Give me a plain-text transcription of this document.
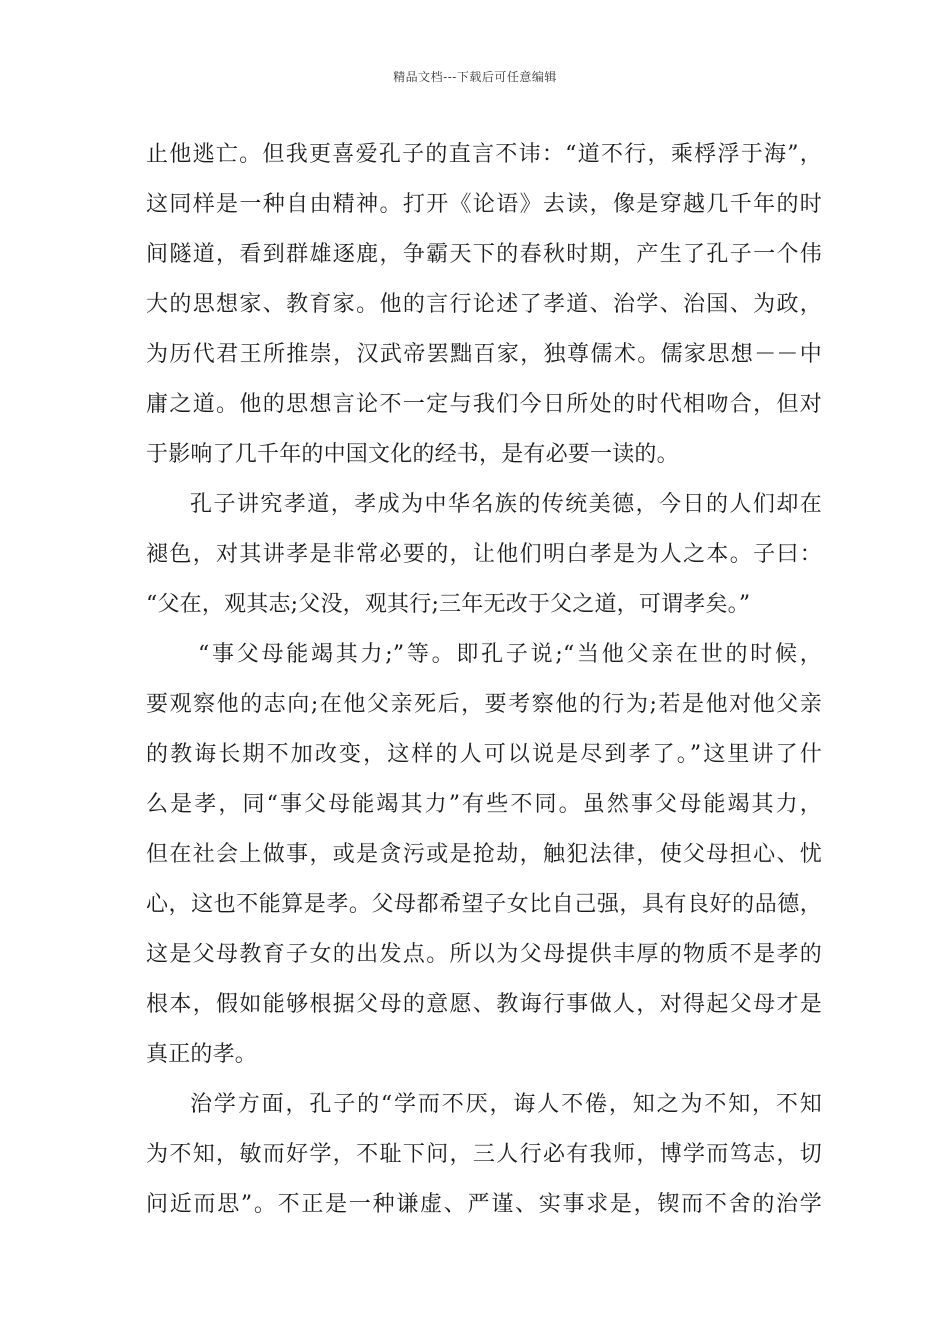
精品文档---下载后可任意编辑
止他逃亡。但我更喜爱孔子的直言不讳：“道不行，乘桴浮于海”，
这同样是一种自由精神。打开《论语》去读，像是穿越几千年的时
间隧道，看到群雄逐鹿，争霸天下的春秋时期，产生了孔子一个伟
大的思想家、教育家。他的言行论述了孝道、治学、治国、为政，
为历代君王所推崇，汉武帝罢黜百家，独尊儒术。儒家思想－－中
庸之道。他的思想言论不一定与我们今日所处的时代相吻合，但对
于影响了几千年的中国文化的经书，是有必要一读的。
孔子讲究孝道，孝成为中华名族的传统美德，今日的人们却在
褪色，对其讲孝是非常必要的，让他们明白孝是为人之本。子曰：
“父在，观其志;父没，观其行;三年无改于父之道，可谓孝矣。”
“事父母能竭其力;”等。即孔子说;“当他父亲在世的时候，
要观察他的志向;在他父亲死后，要考察他的行为;若是他对他父亲
的教诲长期不加改变，这样的人可以说是尽到孝了。”这里讲了什
么是孝，同“事父母能竭其力”有些不同。虽然事父母能竭其力，
但在社会上做事，或是贪污或是抢劫，触犯法律，使父母担心、忧
心，这也不能算是孝。父母都希望子女比自己强，具有良好的品德，
这是父母教育子女的出发点。所以为父母提供丰厚的物质不是孝的
根本，假如能够根据父母的意愿、教诲行事做人，对得起父母才是
真正的孝。
治学方面，孔子的“学而不厌，诲人不倦，知之为不知，不知
为不知，敏而好学，不耻下问，三人行必有我师，博学而笃志，切
问近而思”。不正是一种谦虚、严谨、实事求是，锲而不舍的治学
